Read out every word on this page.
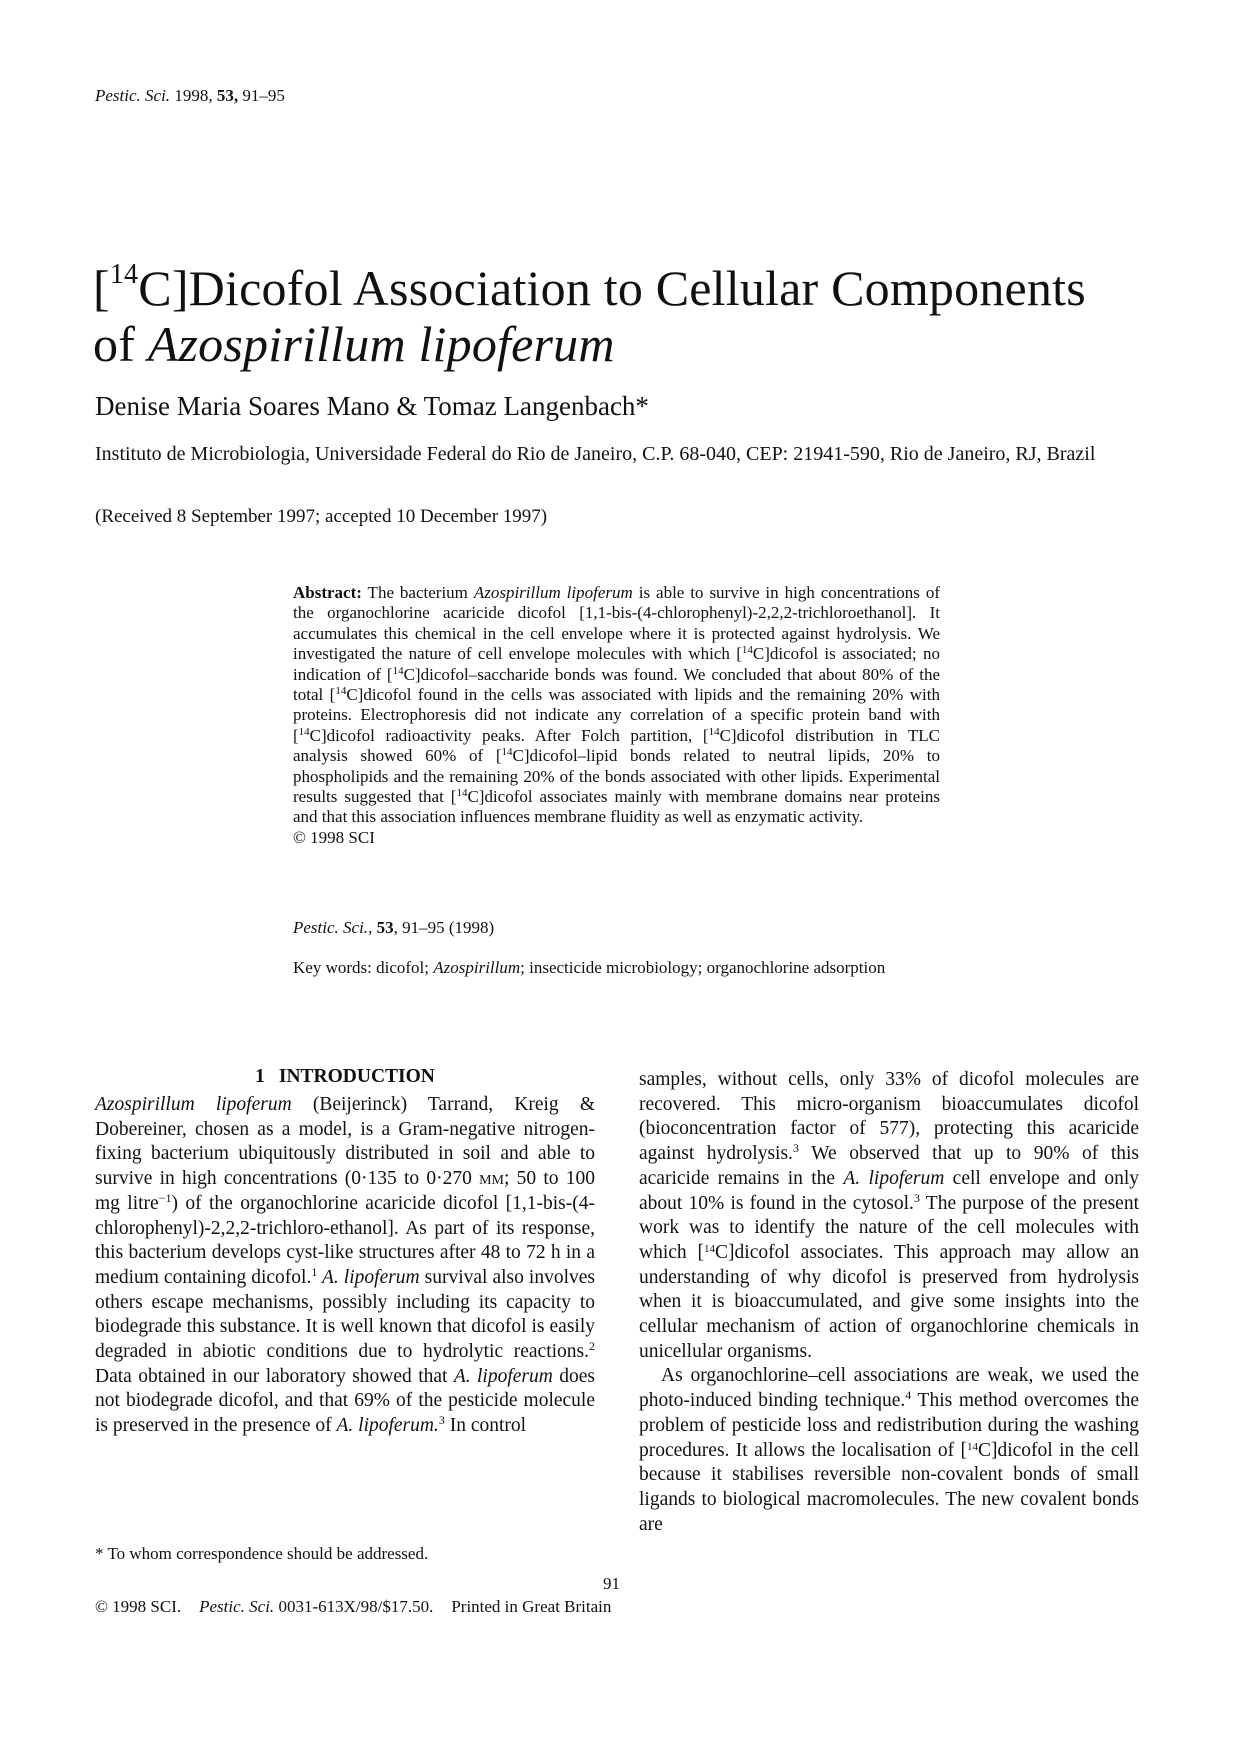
Pestic. Sci. 1998, 53, 91–95
[$^{14}$C]Dicofol Association to Cellular Components
of Azospirillum lipoferum
Denise Maria Soares Mano & Tomaz Langenbach*
Instituto de Microbiologia, Universidade Federal do Rio de Janeiro, C.P. 68-040, CEP: 21941-590, Rio de Janeiro, RJ, Brazil
(Received 8 September 1997; accepted 10 December 1997)
Abstract: The bacterium Azospirillum lipoferum is able to survive in high concentrations of the organochlorine acaricide dicofol [1,1-bis-(4-chlorophenyl)-2,2,2-trichloroethanol]. It accumulates this chemical in the cell envelope where it is protected against hydrolysis. We investigated the nature of cell envelope molecules with which [$^{14}$C]dicofol is associated; no indication of [$^{14}$C]dicofol–saccharide bonds was found. We concluded that about 80% of the total [$^{14}$C]dicofol found in the cells was associated with lipids and the remaining 20% with proteins. Electrophoresis did not indicate any correlation of a specific protein band with [$^{14}$C]dicofol radioactivity peaks. After Folch partition, [$^{14}$C]dicofol distribution in TLC analysis showed 60% of [$^{14}$C]dicofol–lipid bonds related to neutral lipids, 20% to phospholipids and the remaining 20% of the bonds associated with other lipids. Experimental results suggested that [$^{14}$C]dicofol associates mainly with membrane domains near proteins and that this association influences membrane fluidity as well as enzymatic activity.
© 1998 SCI
Pestic. Sci., 53, 91–95 (1998)
Key words: dicofol; Azospirillum; insecticide microbiology; organochlorine adsorption
1 INTRODUCTION

Azospirillum lipoferum (Beijerinck) Tarrand, Kreig & Dobereiner, chosen as a model, is a Gram-negative nitrogen-fixing bacterium ubiquitously distributed in soil and able to survive in high concentrations (0·135 to 0·270 mm; 50 to 100 mg litre$^{-1}$) of the organochlorine acaricide dicofol [1,1-bis-(4-chlorophenyl)-2,2,2-trichloro-ethanol]. As part of its response, this bacterium develops cyst-like structures after 48 to 72 h in a medium containing dicofol.$^1$ A. lipoferum survival also involves others escape mechanisms, possibly including its capacity to biodegrade this substance. It is well known that dicofol is easily degraded in abiotic conditions due to hydrolytic reactions.$^2$ Data obtained in our laboratory showed that A. lipoferum does not biodegrade dicofol, and that 69% of the pesticide molecule is preserved in the presence of A. lipoferum.$^3$ In control

samples, without cells, only 33% of dicofol molecules are recovered. This micro-organism bioaccumulates dicofol (bioconcentration factor of 577), protecting this acaricide against hydrolysis.$^3$ We observed that up to 90% of this acaricide remains in the A. lipoferum cell envelope and only about 10% is found in the cytosol.$^3$ The purpose of the present work was to identify the nature of the cell molecules with which [$^{14}$C]dicofol associates. This approach may allow an understanding of why dicofol is preserved from hydrolysis when it is bioaccumulated, and give some insights into the cellular mechanism of action of organochlorine chemicals in unicellular organisms.

As organochlorine–cell associations are weak, we used the photo-induced binding technique.$^4$ This method overcomes the problem of pesticide loss and redistribution during the washing procedures. It allows the localisation of [$^{14}$C]dicofol in the cell because it stabilises reversible non-covalent bonds of small ligands to biological macromolecules. The new covalent bonds are

* To whom correspondence should be addressed.
91
© 1998 SCI. Pestic. Sci. 0031-613X/98/$17.50. Printed in Great Britain
